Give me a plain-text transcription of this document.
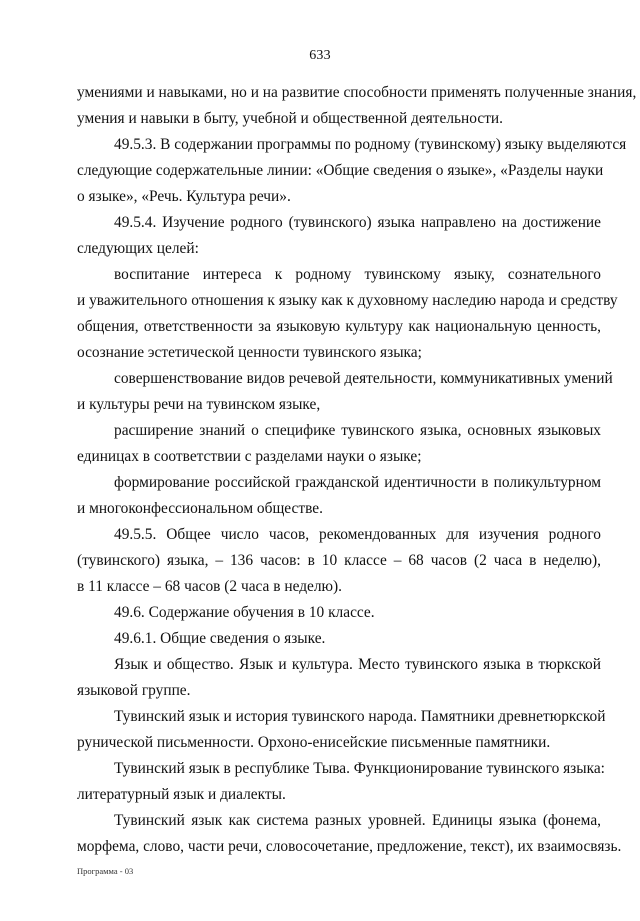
633
умениями и навыками, но и на развитие способности применять полученные знания,
умения и навыки в быту, учебной и общественной деятельности.
49.5.3. В содержании программы по родному (тувинскому) языку выделяются
следующие содержательные линии: «Общие сведения о языке», «Разделы науки
о языке», «Речь. Культура речи».
49.5.4. Изучение родного (тувинского) языка направлено на достижение
следующих целей:
воспитание интереса к родному тувинскому языку, сознательного
и уважительного отношения к языку как к духовному наследию народа и средству
общения, ответственности за языковую культуру как национальную ценность,
осознание эстетической ценности тувинского языка;
совершенствование видов речевой деятельности, коммуникативных умений
и культуры речи на тувинском языке,
расширение знаний о специфике тувинского языка, основных языковых
единицах в соответствии с разделами науки о языке;
формирование российской гражданской идентичности в поликультурном
и многоконфессиональном обществе.
49.5.5. Общее число часов, рекомендованных для изучения родного
(тувинского) языка, – 136 часов: в 10 классе – 68 часов (2 часа в неделю),
в 11 классе – 68 часов (2 часа в неделю).
49.6. Содержание обучения в 10 классе.
49.6.1. Общие сведения о языке.
Язык и общество. Язык и культура. Место тувинского языка в тюркской
языковой группе.
Тувинский язык и история тувинского народа. Памятники древнетюркской
рунической письменности. Орхоно-енисейские письменные памятники.
Тувинский язык в республике Тыва. Функционирование тувинского языка:
литературный язык и диалекты.
Тувинский язык как система разных уровней. Единицы языка (фонема,
морфема, слово, части речи, словосочетание, предложение, текст), их взаимосвязь.
Программа - 03
